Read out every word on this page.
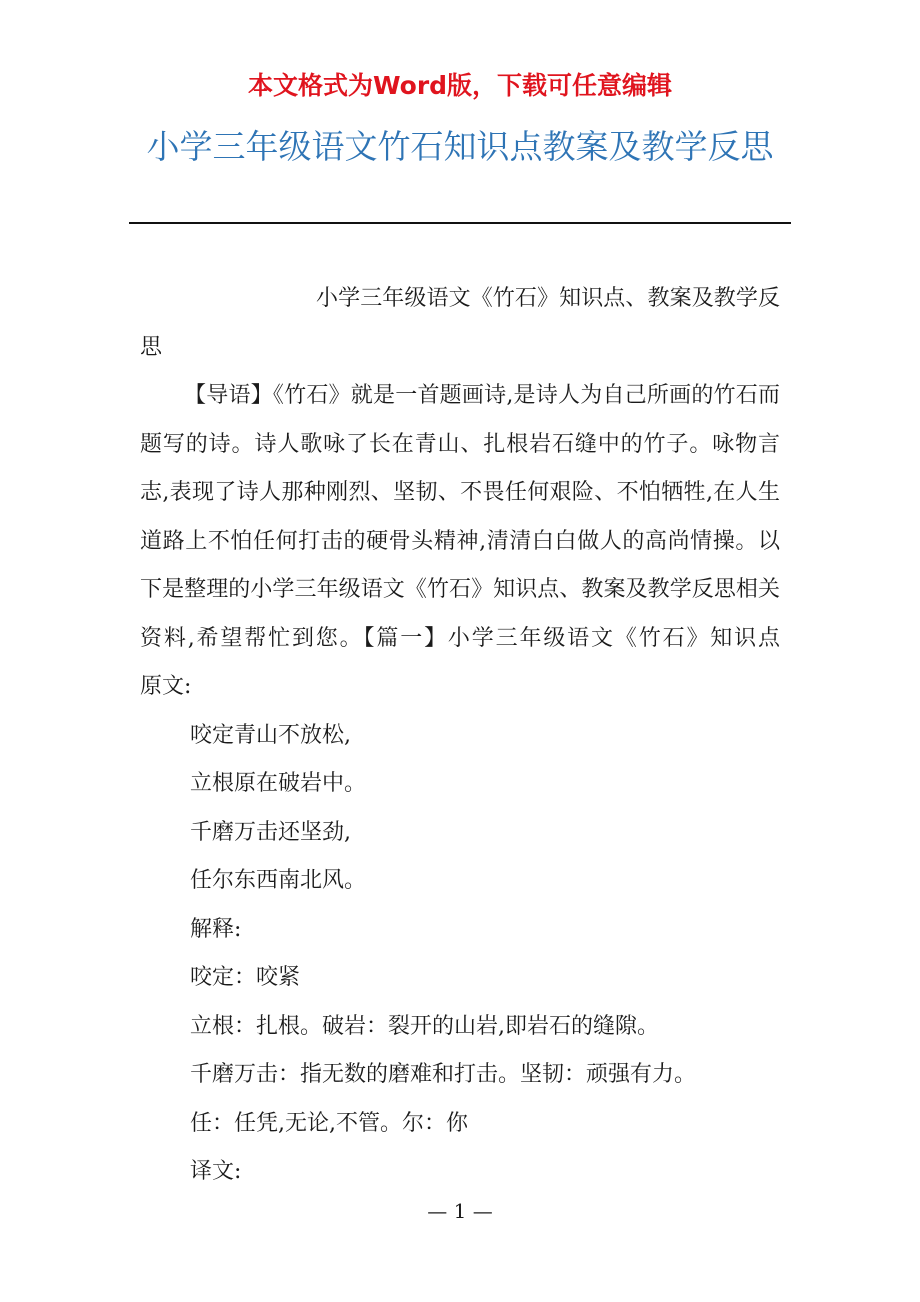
本文格式为Word版，下载可任意编辑
小学三年级语文竹石知识点教案及教学反思

小学三年级语文《竹石》知识点、教案及教学反思

【导语】《竹石》就是一首题画诗,是诗人为自己所画的竹石而题写的诗。诗人歌咏了长在青山、扎根岩石缝中的竹子。咏物言志,表现了诗人那种刚烈、坚韧、不畏任何艰险、不怕牺牲,在人生道路上不怕任何打击的硬骨头精神,清清白白做人的高尚情操。以下是整理的小学三年级语文《竹石》知识点、教案及教学反思相关资料,希望帮忙到您。【篇一】小学三年级语文《竹石》知识点　　原文:

咬定青山不放松,

立根原在破岩中。

千磨万击还坚劲,

任尔东西南北风。

解释:

咬定：咬紧

立根：扎根。破岩：裂开的山岩,即岩石的缝隙。

千磨万击：指无数的磨难和打击。坚韧：顽强有力。

任：任凭,无论,不管。尔：你

译文:

— 1 —
